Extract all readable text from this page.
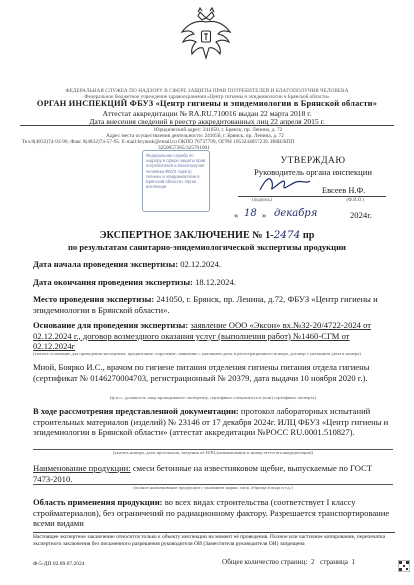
ФЕДЕРАЛЬНАЯ СЛУЖБА ПО НАДЗОРУ В СФЕРЕ ЗАЩИТЫ ПРАВ ПОТРЕБИТЕЛЕЙ И БЛАГОПОЛУЧИЯ ЧЕЛОВЕКА
Федеральное бюджетное учреждение здравоохранения «Центр гигиены и эпидемиологии в Брянской области»
ОРГАН ИНСПЕКЦИЙ ФБУЗ «Центр гигиены и эпидемиологии в Брянской области»
Аттестат аккредитации № RA.RU.710016 выдан 22 марта 2018 г.
Дата внесения сведений в реестр аккредитованных лиц 22 апреля 2015 г.
Юридический адрес: 241050, г. Брянск, пр. Ленина, д. 72
Адрес места осуществления деятельности: 241050, г. Брянск, пр. Ленина, д. 72
Тел.8(4832)74-93-90, Факс 8(4832)74-57-95. E-mail:bryansk@email.ru ОКПО 76737799, ОГРН 1053244057239. ИНН/КПП
3250057365/325701001
Федеральная служба по надзору в сфере защиты прав потребителей и благополучия человека ФБУЗ «Центр гигиены и эпидемиологии в Брянской области» Орган инспекции
УТВЕРЖДАЮ
Руководитель органа инспекции
Евсеев Н.Ф.
(подпись)	(Ф.И.О.)
« 18 » декабря	2024г.
ЭКСПЕРТНОЕ ЗАКЛЮЧЕНИЕ № 1-2474 пр
по результатам санитарно-эпидемиологической экспертизы продукции
Дата начала проведения экспертизы: 02.12.2024.
Дата окончания проведения экспертизы: 18.12.2024.
Место проведения экспертизы: 241050, г. Брянск, пр. Ленина, д.72, ФБУЗ «Центр гигиены и эпидемиологии в Брянской области».
Основание для проведения экспертизы: заявление ООО «Эксон» вх.№32-20/4722-2024 от 02.12.2024 г., договор возмездного оказания услуг (выполнения работ) №1460-СГМ от 02.12.2024г
(указать основание для проведения экспертизы: предписание, поручение, заявление с указанием даты и регистрационного номера, договор с указанием даты и номера)
Мной, Бояркo И.С., врачом по гигиене питания отделения гигиены питания отдела гигиены (сертификат № 0146270004703, регистрационный № 20379, дата выдачи 10 ноября 2020 г.).
(ф.и.о., должность лица проводившего экспертизу, сертификат специалиста и (или) сертификат эксперта)
В ходе рассмотрения представленной документации: протокол лабораторных испытаний строительных материалов (изделий) № 23146 от 17 декабря 2024г. ИЛЦ ФБУЗ «Центр гигиены и эпидемиологии в Брянской области» (аттестат аккредитации №РОСС RU.0001.510827).
(указать номера, даты протоколов, сведения об ИЛЦ (наименование и номер аттестата аккредитации))
Наименование продукции: смеси бетонные на известняковом щебне, выпускаемые по ГОСТ 7473-2010.
(полное наименование продукции с указанием марки, типа, образца и вида и т.д.)
Область применения продукции: во всех видах строительства (соответствует I классу стройматериалов), без ограничений по радиационному фактору. Разрешается транспортирование всеми видами
Настоящее экспертное заключение относится только к объекту инспекции на момент её проведения. Полное или частичное копирование, перепечатка экспертного заключения без письменного разрешения руководителя ОИ (Заместителя руководителя ОИ) запрещена
Ф-5-ДП 02.09.07.2024	Общее количество страниц: 2 страница 1
